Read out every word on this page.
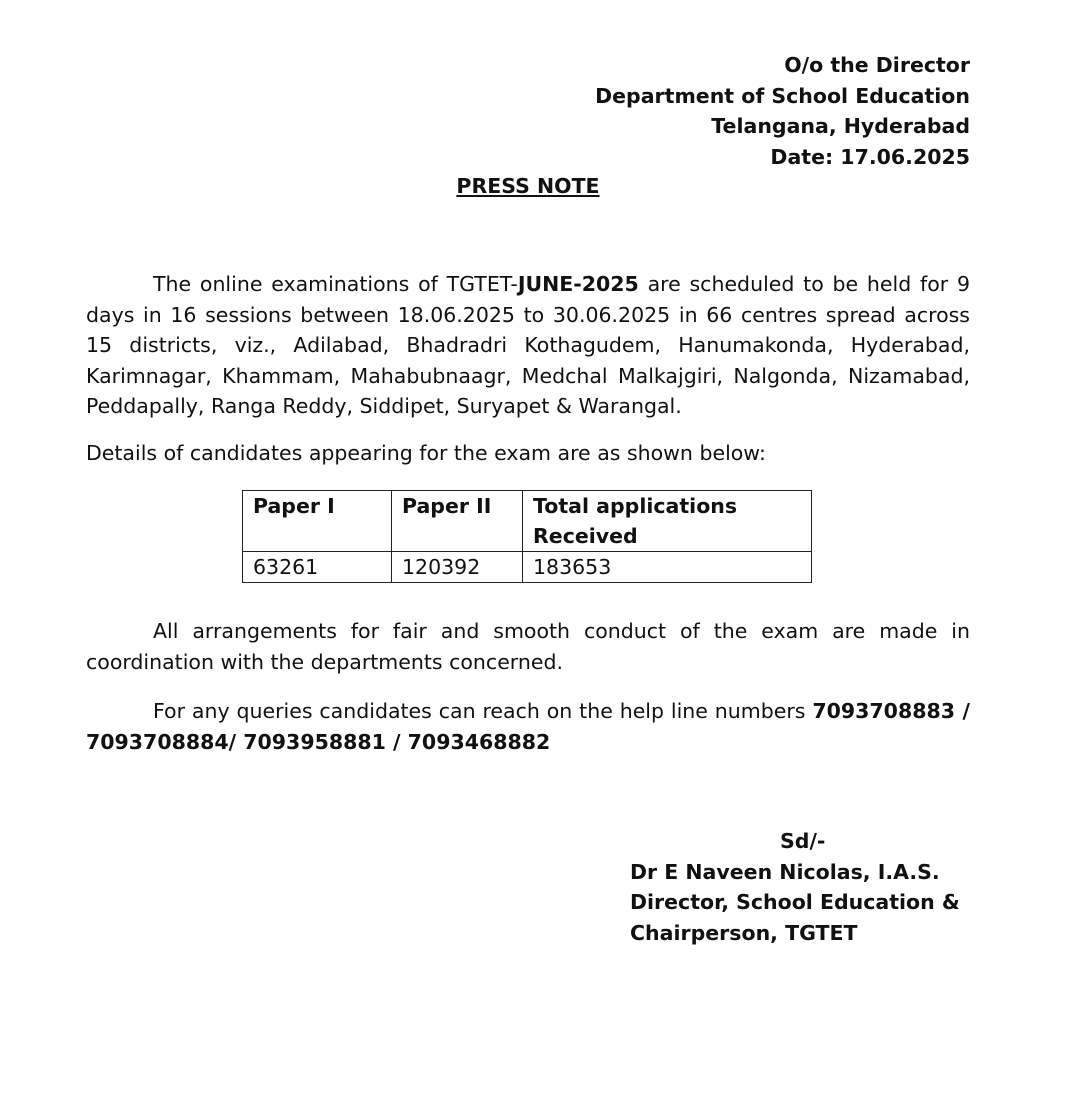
O/o the Director
Department of School Education
Telangana, Hyderabad
Date: 17.06.2025
PRESS NOTE

The online examinations of TGTET-JUNE-2025 are scheduled to be held for 9 days in 16 sessions between 18.06.2025 to 30.06.2025 in 66 centres spread across 15 districts, viz., Adilabad, Bhadradri Kothagudem, Hanumakonda, Hyderabad, Karimnagar, Khammam, Mahabubnaagr, Medchal Malkajgiri, Nalgonda, Nizamabad, Peddapally, Ranga Reddy, Siddipet, Suryapet & Warangal.

Details of candidates appearing for the exam are as shown below:

Paper I	Paper II	Total applications Received
63261	120392	183653

All arrangements for fair and smooth conduct of the exam are made in coordination with the departments concerned.

For any queries candidates can reach on the help line numbers 7093708883 / 7093708884/ 7093958881 / 7093468882

Sd/-
Dr E Naveen Nicolas, I.A.S.
Director, School Education &
Chairperson, TGTET
